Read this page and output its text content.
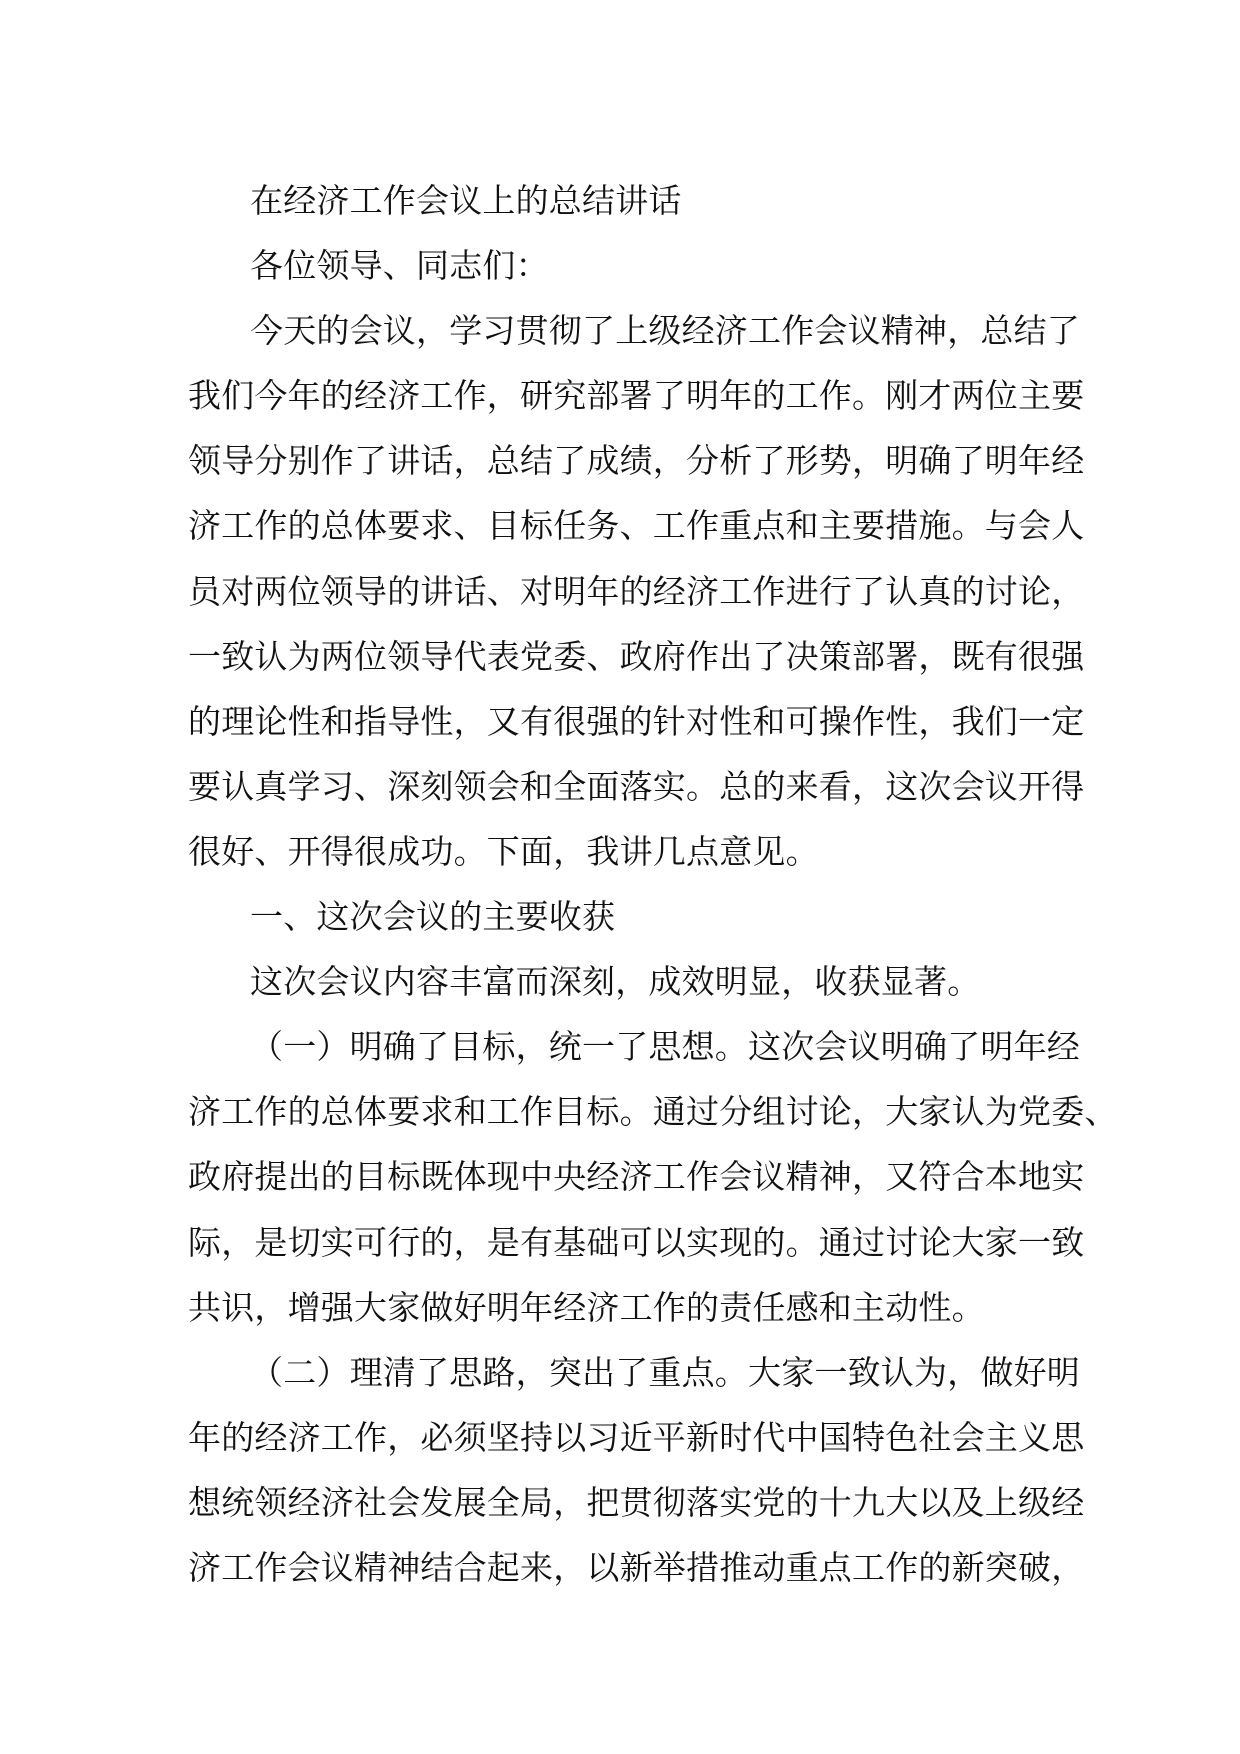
在经济工作会议上的总结讲话
各位领导、同志们：
今天的会议，学习贯彻了上级经济工作会议精神，总结了
我们今年的经济工作，研究部署了明年的工作。刚才两位主要
领导分别作了讲话，总结了成绩，分析了形势，明确了明年经
济工作的总体要求、目标任务、工作重点和主要措施。与会人
员对两位领导的讲话、对明年的经济工作进行了认真的讨论，
一致认为两位领导代表党委、政府作出了决策部署，既有很强
的理论性和指导性，又有很强的针对性和可操作性，我们一定
要认真学习、深刻领会和全面落实。总的来看，这次会议开得
很好、开得很成功。下面，我讲几点意见。
一、这次会议的主要收获
这次会议内容丰富而深刻，成效明显，收获显著。
（一）明确了目标，统一了思想。这次会议明确了明年经
济工作的总体要求和工作目标。通过分组讨论，大家认为党委、
政府提出的目标既体现中央经济工作会议精神，又符合本地实
际，是切实可行的，是有基础可以实现的。通过讨论大家一致
共识，增强大家做好明年经济工作的责任感和主动性。
（二）理清了思路，突出了重点。大家一致认为，做好明
年的经济工作，必须坚持以习近平新时代中国特色社会主义思
想统领经济社会发展全局，把贯彻落实党的十九大以及上级经
济工作会议精神结合起来，以新举措推动重点工作的新突破，
